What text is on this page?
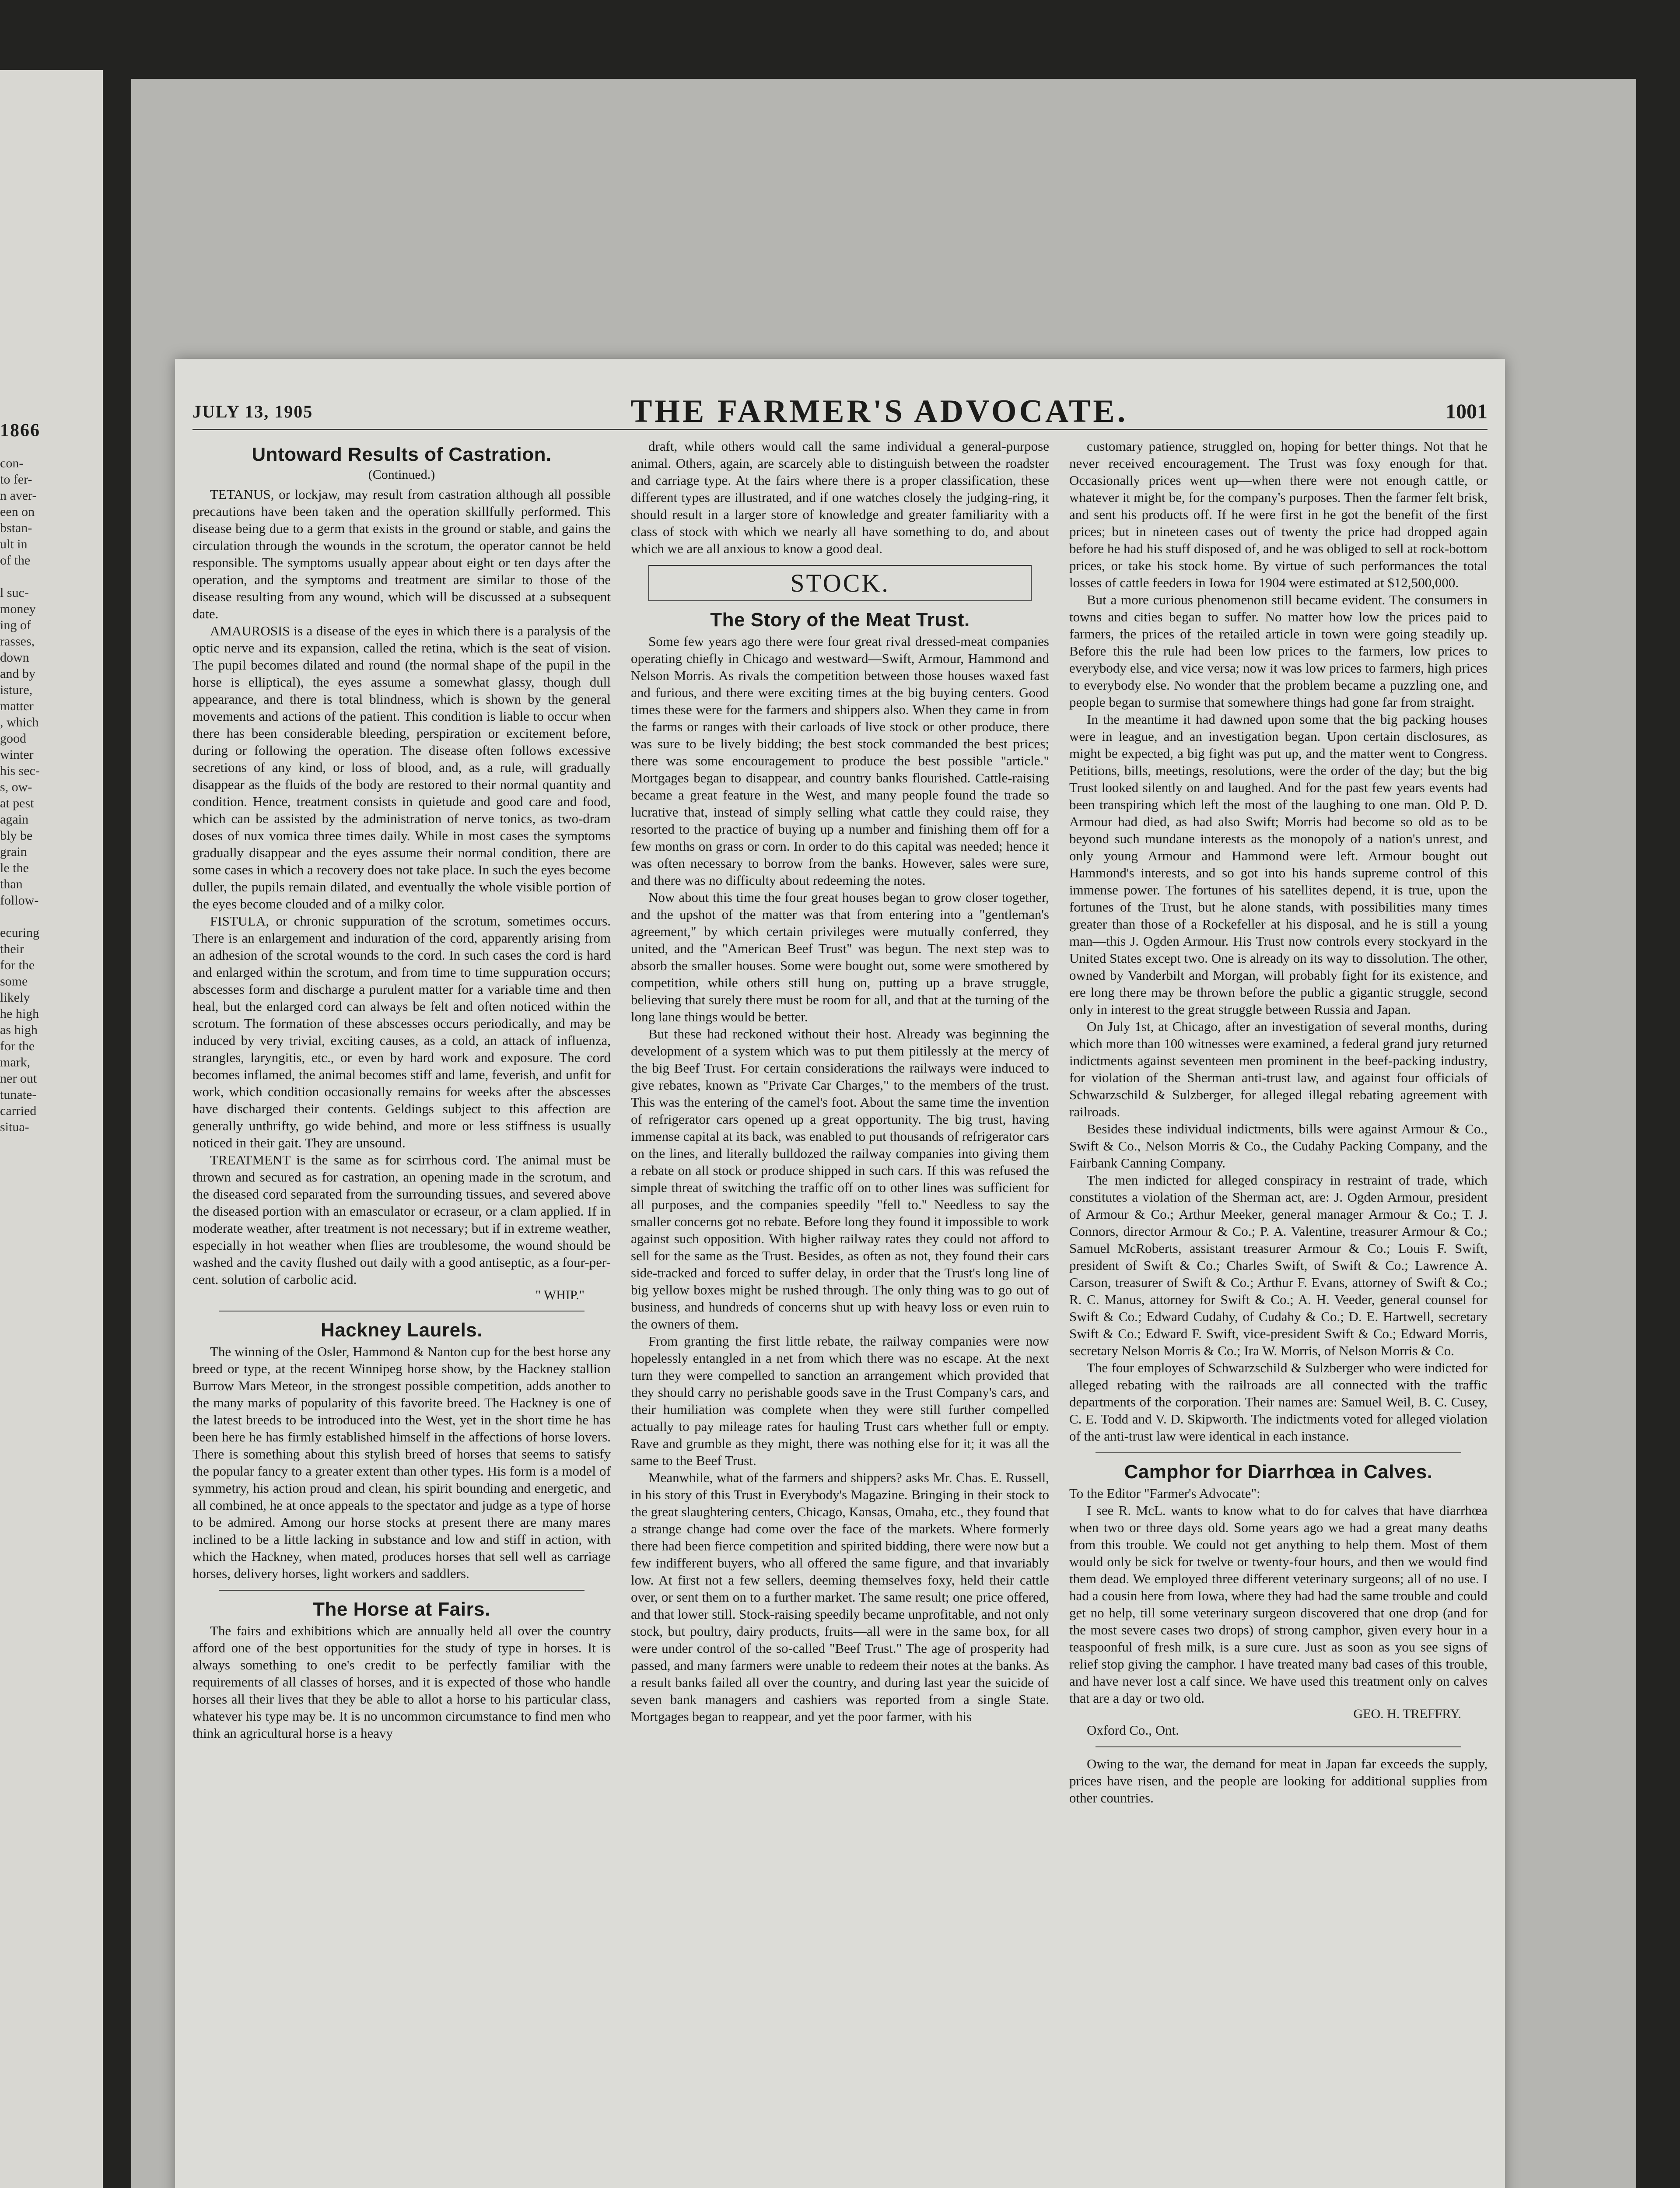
1866
con-
to fer-
n aver-
een on
bstan-
ult in
of the
l suc-
money
ing of
rasses,
down
and by
isture,
matter
, which
good
winter
his sec-
s, ow-
at pest
again
bly be
grain
le the
than
follow-
ecuring
their
for the
some
likely
he high
as high
for the
mark,
ner out
tunate-
carried
situa-
JULY 13, 1905	THE FARMER'S ADVOCATE.	1001
Untoward Results of Castration.
(Continued.)

TETANUS, or lockjaw, may result from castration although all possible precautions have been taken and the operation skillfully performed. This disease being due to a germ that exists in the ground or stable, and gains the circulation through the wounds in the scrotum, the operator cannot be held responsible. The symptoms usually appear about eight or ten days after the operation, and the symptoms and treatment are similar to those of the disease resulting from any wound, which will be discussed at a subsequent date.

AMAUROSIS is a disease of the eyes in which there is a paralysis of the optic nerve and its expansion, called the retina, which is the seat of vision. The pupil becomes dilated and round (the normal shape of the pupil in the horse is elliptical), the eyes assume a somewhat glassy, though dull appearance, and there is total blindness, which is shown by the general movements and actions of the patient. This condition is liable to occur when there has been considerable bleeding, perspiration or excitement before, during or following the operation. The disease often follows excessive secretions of any kind, or loss of blood, and, as a rule, will gradually disappear as the fluids of the body are restored to their normal quantity and condition. Hence, treatment consists in quietude and good care and food, which can be assisted by the administration of nerve tonics, as two-dram doses of nux vomica three times daily. While in most cases the symptoms gradually disappear and the eyes assume their normal condition, there are some cases in which a recovery does not take place. In such the eyes become duller, the pupils remain dilated, and eventually the whole visible portion of the eyes become clouded and of a milky color.

FISTULA, or chronic suppuration of the scrotum, sometimes occurs. There is an enlargement and induration of the cord, apparently arising from an adhesion of the scrotal wounds to the cord. In such cases the cord is hard and enlarged within the scrotum, and from time to time suppuration occurs; abscesses form and discharge a purulent matter for a variable time and then heal, but the enlarged cord can always be felt and often noticed within the scrotum. The formation of these abscesses occurs periodically, and may be induced by very trivial, exciting causes, as a cold, an attack of influenza, strangles, laryngitis, etc., or even by hard work and exposure. The cord becomes inflamed, the animal becomes stiff and lame, feverish, and unfit for work, which condition occasionally remains for weeks after the abscesses have discharged their contents. Geldings subject to this affection are generally unthrifty, go wide behind, and more or less stiffness is usually noticed in their gait. They are unsound.

TREATMENT is the same as for scirrhous cord. The animal must be thrown and secured as for castration, an opening made in the scrotum, and the diseased cord separated from the surrounding tissues, and severed above the diseased portion with an emasculator or ecraseur, or a clam applied. If in moderate weather, after treatment is not necessary; but if in extreme weather, especially in hot weather when flies are troublesome, the wound should be washed and the cavity flushed out daily with a good antiseptic, as a four-per-cent. solution of carbolic acid.

" WHIP."
Hackney Laurels.

The winning of the Osler, Hammond & Nanton cup for the best horse any breed or type, at the recent Winnipeg horse show, by the Hackney stallion Burrow Mars Meteor, in the strongest possible competition, adds another to the many marks of popularity of this favorite breed. The Hackney is one of the latest breeds to be introduced into the West, yet in the short time he has been here he has firmly established himself in the affections of horse lovers. There is something about this stylish breed of horses that seems to satisfy the popular fancy to a greater extent than other types. His form is a model of symmetry, his action proud and clean, his spirit bounding and energetic, and all combined, he at once appeals to the spectator and judge as a type of horse to be admired. Among our horse stocks at present there are many mares inclined to be a little lacking in substance and low and stiff in action, with which the Hackney, when mated, produces horses that sell well as carriage horses, delivery horses, light workers and saddlers.

The Horse at Fairs.

The fairs and exhibitions which are annually held all over the country afford one of the best opportunities for the study of type in horses. It is always something to one's credit to be perfectly familiar with the requirements of all classes of horses, and it is expected of those who handle horses all their lives that they be able to allot a horse to his particular class, whatever his type may be. It is no uncommon circumstance to find men who think an agricultural horse is a heavy

draft, while others would call the same individual a general-purpose animal. Others, again, are scarcely able to distinguish between the roadster and carriage type. At the fairs where there is a proper classification, these different types are illustrated, and if one watches closely the judging-ring, it should result in a larger store of knowledge and greater familiarity with a class of stock with which we nearly all have something to do, and about which we are all anxious to know a good deal.

STOCK.
The Story of the Meat Trust.

Some few years ago there were four great rival dressed-meat companies operating chiefly in Chicago and westward—Swift, Armour, Hammond and Nelson Morris. As rivals the competition between those houses waxed fast and furious, and there were exciting times at the big buying centers. Good times these were for the farmers and shippers also. When they came in from the farms or ranges with their carloads of live stock or other produce, there was sure to be lively bidding; the best stock commanded the best prices; there was some encouragement to produce the best possible "article." Mortgages began to disappear, and country banks flourished. Cattle-raising became a great feature in the West, and many people found the trade so lucrative that, instead of simply selling what cattle they could raise, they resorted to the practice of buying up a number and finishing them off for a few months on grass or corn. In order to do this capital was needed; hence it was often necessary to borrow from the banks. However, sales were sure, and there was no difficulty about redeeming the notes.

Now about this time the four great houses began to grow closer together, and the upshot of the matter was that from entering into a "gentleman's agreement," by which certain privileges were mutually conferred, they united, and the "American Beef Trust" was begun. The next step was to absorb the smaller houses. Some were bought out, some were smothered by competition, while others still hung on, putting up a brave struggle, believing that surely there must be room for all, and that at the turning of the long lane things would be better.

But these had reckoned without their host. Already was beginning the development of a system which was to put them pitilessly at the mercy of the big Beef Trust. For certain considerations the railways were induced to give rebates, known as "Private Car Charges," to the members of the trust. This was the entering of the camel's foot. About the same time the invention of refrigerator cars opened up a great opportunity. The big trust, having immense capital at its back, was enabled to put thousands of refrigerator cars on the lines, and literally bulldozed the railway companies into giving them a rebate on all stock or produce shipped in such cars. If this was refused the simple threat of switching the traffic off on to other lines was sufficient for all purposes, and the companies speedily "fell to." Needless to say the smaller concerns got no rebate. Before long they found it impossible to work against such opposition. With higher railway rates they could not afford to sell for the same as the Trust. Besides, as often as not, they found their cars side-tracked and forced to suffer delay, in order that the Trust's long line of big yellow boxes might be rushed through. The only thing was to go out of business, and hundreds of concerns shut up with heavy loss or even ruin to the owners of them.

From granting the first little rebate, the railway companies were now hopelessly entangled in a net from which there was no escape. At the next turn they were compelled to sanction an arrangement which provided that they should carry no perishable goods save in the Trust Company's cars, and their humiliation was complete when they were still further compelled actually to pay mileage rates for hauling Trust cars whether full or empty. Rave and grumble as they might, there was nothing else for it; it was all the same to the Beef Trust.

Meanwhile, what of the farmers and shippers? asks Mr. Chas. E. Russell, in his story of this Trust in Everybody's Magazine. Bringing in their stock to the great slaughtering centers, Chicago, Kansas, Omaha, etc., they found that a strange change had come over the face of the markets. Where formerly there had been fierce competition and spirited bidding, there were now but a few indifferent buyers, who all offered the same figure, and that invariably low. At first not a few sellers, deeming themselves foxy, held their cattle over, or sent them on to a further market. The same result; one price offered, and that lower still. Stock-raising speedily became unprofitable, and not only stock, but poultry, dairy products, fruits—all were in the same box, for all were under control of the so-called "Beef Trust." The age of prosperity had passed, and many farmers were unable to redeem their notes at the banks. As a result banks failed all over the country, and during last year the suicide of seven bank managers and cashiers was reported from a single State. Mortgages began to reappear, and yet the poor farmer, with his

customary patience, struggled on, hoping for better things. Not that he never received encouragement. The Trust was foxy enough for that. Occasionally prices went up—when there were not enough cattle, or whatever it might be, for the company's purposes. Then the farmer felt brisk, and sent his products off. If he were first in he got the benefit of the first prices; but in nineteen cases out of twenty the price had dropped again before he had his stuff disposed of, and he was obliged to sell at rock-bottom prices, or take his stock home. By virtue of such performances the total losses of cattle feeders in Iowa for 1904 were estimated at $12,500,000.

But a more curious phenomenon still became evident. The consumers in towns and cities began to suffer. No matter how low the prices paid to farmers, the prices of the retailed article in town were going steadily up. Before this the rule had been low prices to the farmers, low prices to everybody else, and vice versa; now it was low prices to farmers, high prices to everybody else. No wonder that the problem became a puzzling one, and people began to surmise that somewhere things had gone far from straight.

In the meantime it had dawned upon some that the big packing houses were in league, and an investigation began. Upon certain disclosures, as might be expected, a big fight was put up, and the matter went to Congress. Petitions, bills, meetings, resolutions, were the order of the day; but the big Trust looked silently on and laughed. And for the past few years events had been transpiring which left the most of the laughing to one man. Old P. D. Armour had died, as had also Swift; Morris had become so old as to be beyond such mundane interests as the monopoly of a nation's unrest, and only young Armour and Hammond were left. Armour bought out Hammond's interests, and so got into his hands supreme control of this immense power. The fortunes of his satellites depend, it is true, upon the fortunes of the Trust, but he alone stands, with possibilities many times greater than those of a Rockefeller at his disposal, and he is still a young man—this J. Ogden Armour. His Trust now controls every stockyard in the United States except two. One is already on its way to dissolution. The other, owned by Vanderbilt and Morgan, will probably fight for its existence, and ere long there may be thrown before the public a gigantic struggle, second only in interest to the great struggle between Russia and Japan.

On July 1st, at Chicago, after an investigation of several months, during which more than 100 witnesses were examined, a federal grand jury returned indictments against seventeen men prominent in the beef-packing industry, for violation of the Sherman anti-trust law, and against four officials of Schwarzschild & Sulzberger, for alleged illegal rebating agreement with railroads.

Besides these individual indictments, bills were against Armour & Co., Swift & Co., Nelson Morris & Co., the Cudahy Packing Company, and the Fairbank Canning Company.

The men indicted for alleged conspiracy in restraint of trade, which constitutes a violation of the Sherman act, are: J. Ogden Armour, president of Armour & Co.; Arthur Meeker, general manager Armour & Co.; T. J. Connors, director Armour & Co.; P. A. Valentine, treasurer Armour & Co.; Samuel McRoberts, assistant treasurer Armour & Co.; Louis F. Swift, president of Swift & Co.; Charles Swift, of Swift & Co.; Lawrence A. Carson, treasurer of Swift & Co.; Arthur F. Evans, attorney of Swift & Co.; R. C. Manus, attorney for Swift & Co.; A. H. Veeder, general counsel for Swift & Co.; Edward Cudahy, of Cudahy & Co.; D. E. Hartwell, secretary Swift & Co.; Edward F. Swift, vice-president Swift & Co.; Edward Morris, secretary Nelson Morris & Co.; Ira W. Morris, of Nelson Morris & Co.

The four employes of Schwarzschild & Sulzberger who were indicted for alleged rebating with the railroads are all connected with the traffic departments of the corporation. Their names are: Samuel Weil, B. C. Cusey, C. E. Todd and V. D. Skipworth. The indictments voted for alleged violation of the anti-trust law were identical in each instance.

Camphor for Diarrhœa in Calves.
To the Editor "Farmer's Advocate":

I see R. McL. wants to know what to do for calves that have diarrhœa when two or three days old. Some years ago we had a great many deaths from this trouble. We could not get anything to help them. Most of them would only be sick for twelve or twenty-four hours, and then we would find them dead. We employed three different veterinary surgeons; all of no use. I had a cousin here from Iowa, where they had had the same trouble and could get no help, till some veterinary surgeon discovered that one drop (and for the most severe cases two drops) of strong camphor, given every hour in a teaspoonful of fresh milk, is a sure cure. Just as soon as you see signs of relief stop giving the camphor. I have treated many bad cases of this trouble, and have never lost a calf since. We have used this treatment only on calves that are a day or two old.

GEO. H. TREFFRY.
Oxford Co., Ont.

Owing to the war, the demand for meat in Japan far exceeds the supply, prices have risen, and the people are looking for additional supplies from other countries.
